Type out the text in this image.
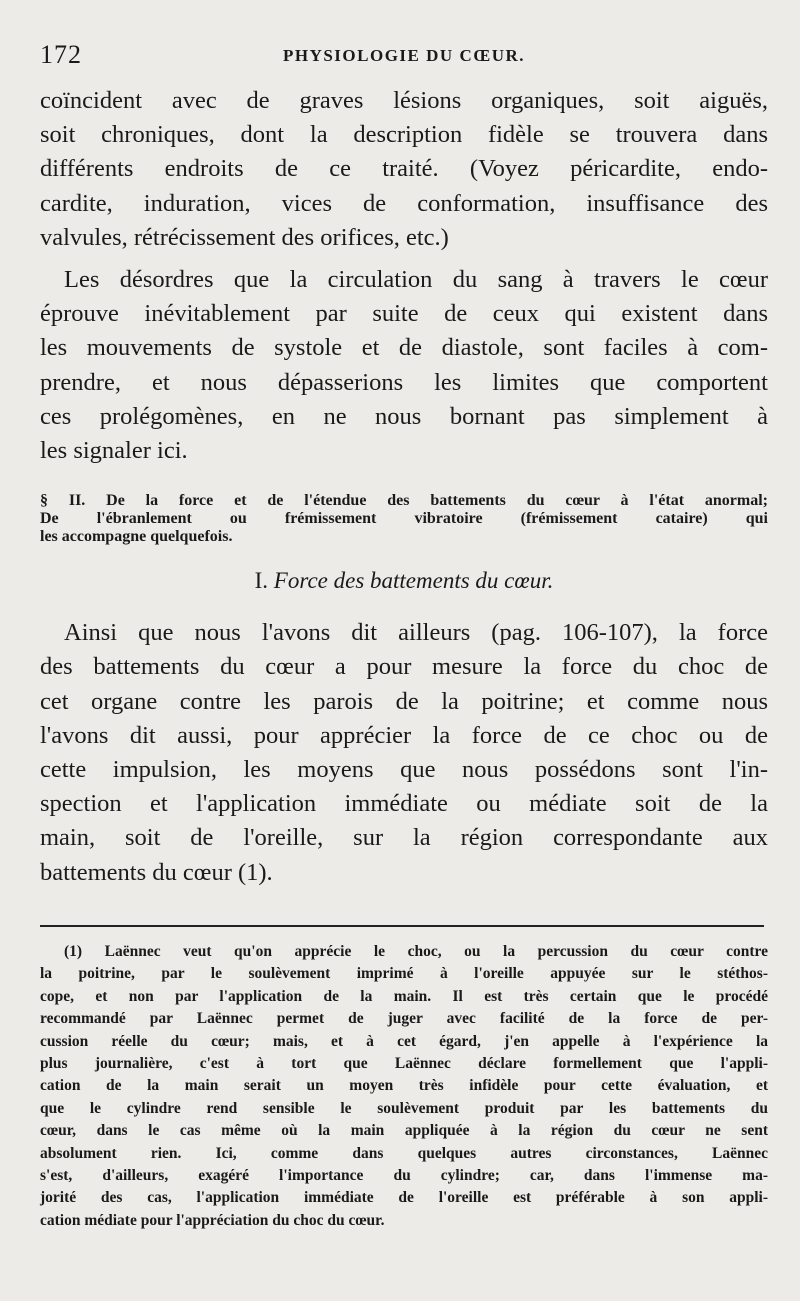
172	PHYSIOLOGIE DU CŒUR.

coïncident avec de graves lésions organiques, soit aiguës,
soit chroniques, dont la description fidèle se trouvera dans
différents endroits de ce traité. (Voyez péricardite, endo-
cardite, induration, vices de conformation, insuffisance des
valvules, rétrécissement des orifices, etc.)

Les désordres que la circulation du sang à travers le cœur
éprouve inévitablement par suite de ceux qui existent dans
les mouvements de systole et de diastole, sont faciles à com-
prendre, et nous dépasserions les limites que comportent
ces prolégomènes, en ne nous bornant pas simplement à
les signaler ici.

§ II. De la force et de l'étendue des battements du cœur à l'état anormal;
De l'ébranlement ou frémissement vibratoire (frémissement cataire) qui
les accompagne quelquefois.
I. Force des battements du cœur.

Ainsi que nous l'avons dit ailleurs (pag. 106-107), la force
des battements du cœur a pour mesure la force du choc de
cet organe contre les parois de la poitrine; et comme nous
l'avons dit aussi, pour apprécier la force de ce choc ou de
cette impulsion, les moyens que nous possédons sont l'in-
spection et l'application immédiate ou médiate soit de la
main, soit de l'oreille, sur la région correspondante aux
battements du cœur (1).

(1) Laënnec veut qu'on apprécie le choc, ou la percussion du cœur contre
la poitrine, par le soulèvement imprimé à l'oreille appuyée sur le stéthos-
cope, et non par l'application de la main. Il est très certain que le procédé
recommandé par Laënnec permet de juger avec facilité de la force de per-
cussion réelle du cœur; mais, et à cet égard, j'en appelle à l'expérience la
plus journalière, c'est à tort que Laënnec déclare formellement que l'appli-
cation de la main serait un moyen très infidèle pour cette évaluation, et
que le cylindre rend sensible le soulèvement produit par les battements du
cœur, dans le cas même où la main appliquée à la région du cœur ne sent
absolument rien. Ici, comme dans quelques autres circonstances, Laënnec
s'est, d'ailleurs, exagéré l'importance du cylindre; car, dans l'immense ma-
jorité des cas, l'application immédiate de l'oreille est préférable à son appli-
cation médiate pour l'appréciation du choc du cœur.
